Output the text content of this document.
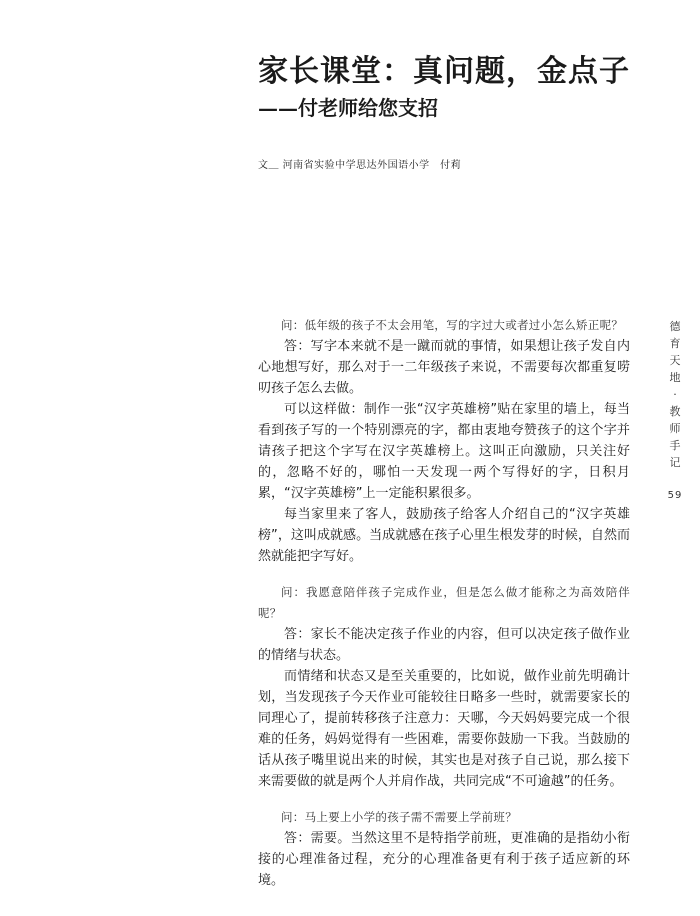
家长课堂：真问题，金点子
——付老师给您支招
文＿ 河南省实验中学思达外国语小学　付莉

问：低年级的孩子不太会用笔，写的字过大或者过小怎么矫正呢？

答：写字本来就不是一蹴而就的事情，如果想让孩子发自内心地想写好，那么对于一二年级孩子来说，不需要每次都重复唠叨孩子怎么去做。

可以这样做：制作一张“汉字英雄榜”贴在家里的墙上，每当看到孩子写的一个特别漂亮的字，都由衷地夸赞孩子的这个字并请孩子把这个字写在汉字英雄榜上。这叫正向激励，只关注好的，忽略不好的，哪怕一天发现一两个写得好的字，日积月累，“汉字英雄榜”上一定能积累很多。

每当家里来了客人，鼓励孩子给客人介绍自己的“汉字英雄榜”，这叫成就感。当成就感在孩子心里生根发芽的时候，自然而然就能把字写好。

问：我愿意陪伴孩子完成作业，但是怎么做才能称之为高效陪伴呢？

答：家长不能决定孩子作业的内容，但可以决定孩子做作业的情绪与状态。

而情绪和状态又是至关重要的，比如说，做作业前先明确计划，当发现孩子今天作业可能较往日略多一些时，就需要家长的同理心了，提前转移孩子注意力：天哪，今天妈妈要完成一个很难的任务，妈妈觉得有一些困难，需要你鼓励一下我。当鼓励的话从孩子嘴里说出来的时候，其实也是对孩子自己说，那么接下来需要做的就是两个人并肩作战，共同完成“不可逾越”的任务。

问：马上要上小学的孩子需不需要上学前班？

答：需要。当然这里不是特指学前班，更准确的是指幼小衔接的心理准备过程，充分的心理准备更有利于孩子适应新的环境。

德
育
天
地
·
教
师
手
记
59
